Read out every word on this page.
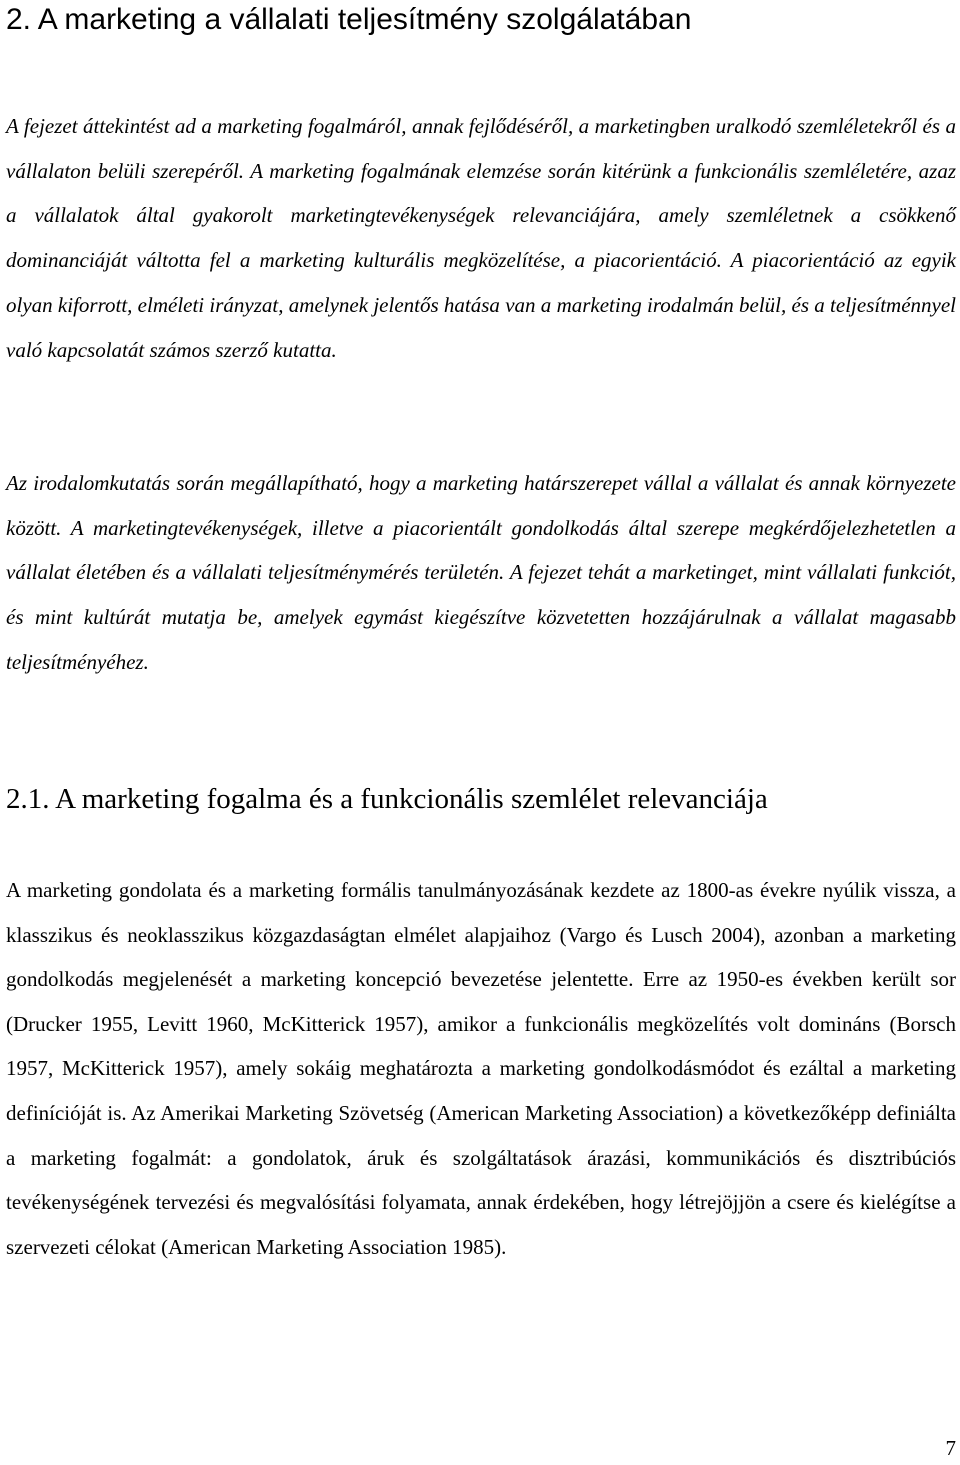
2. A marketing a vállalati teljesítmény szolgálatában

A fejezet áttekintést ad a marketing fogalmáról, annak fejlődéséről, a marketingben uralkodó szemléletekről és a vállalaton belüli szerepéről. A marketing fogalmának elemzése során kitérünk a funkcionális szemléletére, azaz a vállalatok által gyakorolt marketingtevékenységek relevanciájára, amely szemléletnek a csökkenő dominanciáját váltotta fel a marketing kulturális megközelítése, a piacorientáció. A piacorientáció az egyik olyan kiforrott, elméleti irányzat, amelynek jelentős hatása van a marketing irodalmán belül, és a teljesítménnyel való kapcsolatát számos szerző kutatta.

Az irodalomkutatás során megállapítható, hogy a marketing határszerepet vállal a vállalat és annak környezete között. A marketingtevékenységek, illetve a piacorientált gondolkodás által szerepe megkérdőjelezhetetlen a vállalat életében és a vállalati teljesítménymérés területén. A fejezet tehát a marketinget, mint vállalati funkciót, és mint kultúrát mutatja be, amelyek egymást kiegészítve közvetetten hozzájárulnak a vállalat magasabb teljesítményéhez.

2.1. A marketing fogalma és a funkcionális szemlélet relevanciája

A marketing gondolata és a marketing formális tanulmányozásának kezdete az 1800-as évekre nyúlik vissza, a klasszikus és neoklasszikus közgazdaságtan elmélet alapjaihoz (Vargo és Lusch 2004), azonban a marketing gondolkodás megjelenését a marketing koncepció bevezetése jelentette. Erre az 1950-es években került sor (Drucker 1955, Levitt 1960, McKitterick 1957), amikor a funkcionális megközelítés volt domináns (Borsch 1957, McKitterick 1957), amely sokáig meghatározta a marketing gondolkodásmódot és ezáltal a marketing definícióját is. Az Amerikai Marketing Szövetség (American Marketing Association) a következőképp definiálta a marketing fogalmát: a gondolatok, áruk és szolgáltatások árazási, kommunikációs és disztribúciós tevékenységének tervezési és megvalósítási folyamata, annak érdekében, hogy létrejöjjön a csere és kielégítse a szervezeti célokat (American Marketing Association 1985).

7
